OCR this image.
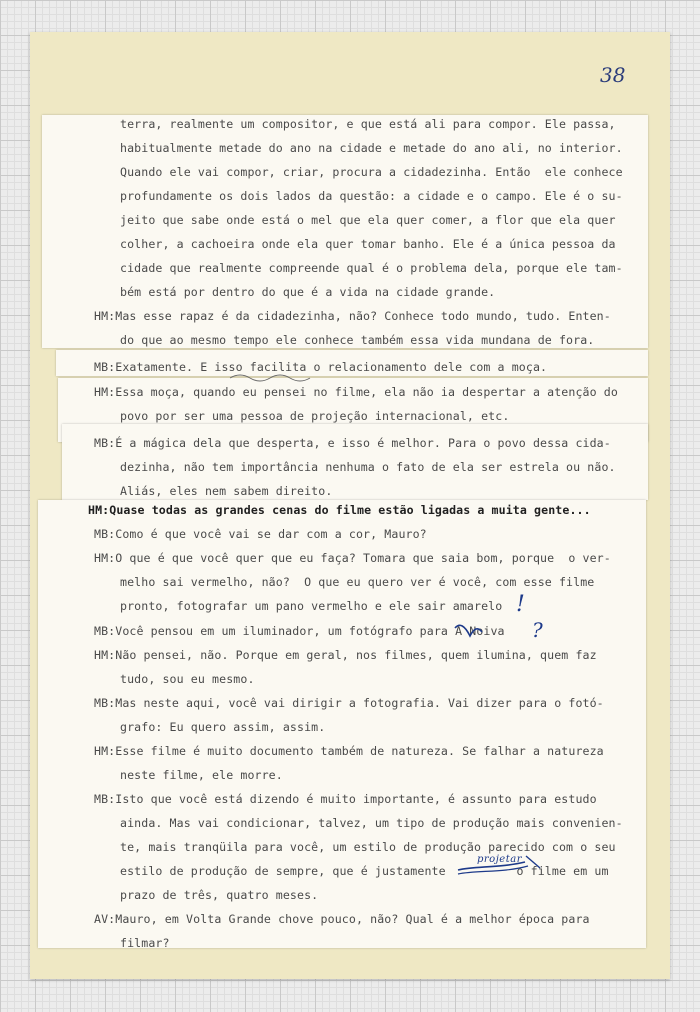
38
terra, realmente um compositor, e que está ali para compor. Ele passa,
habitualmente metade do ano na cidade e metade do ano ali, no interior.
Quando ele vai compor, criar, procura a cidadezinha. Então  ele conhece
profundamente os dois lados da questão: a cidade e o campo. Ele é o su-
jeito que sabe onde está o mel que ela quer comer, a flor que ela quer
colher, a cachoeira onde ela quer tomar banho. Ele é a única pessoa da
cidade que realmente compreende qual é o problema dela, porque ele tam-
bém está por dentro do que é a vida na cidade grande.
HM:Mas esse rapaz é da cidadezinha, não? Conhece todo mundo, tudo. Enten-
do que ao mesmo tempo ele conhece também essa vida mundana de fora.
MB:Exatamente. E isso facilita o relacionamento dele com a moça.
HM:Essa moça, quando eu pensei no filme, ela não ia despertar a atenção do
povo por ser uma pessoa de projeção internacional, etc.
MB:É a mágica dela que desperta, e isso é melhor. Para o povo dessa cida-
dezinha, não tem importância nenhuma o fato de ela ser estrela ou não.
Aliás, eles nem sabem direito.
HM:Quase todas as grandes cenas do filme estão ligadas a muita gente...
MB:Como é que você vai se dar com a cor, Mauro?
HM:O que é que você quer que eu faça? Tomara que saia bom, porque  o ver-
melho sai vermelho, não?  O que eu quero ver é você, com esse filme
pronto, fotografar um pano vermelho e ele sair amarelo
MB:Você pensou em um iluminador, um fotógrafo para A Noiva
HM:Não pensei, não. Porque em geral, nos filmes, quem ilumina, quem faz
tudo, sou eu mesmo.
MB:Mas neste aqui, você vai dirigir a fotografia. Vai dizer para o fotó-
grafo: Eu quero assim, assim.
HM:Esse filme é muito documento também de natureza. Se falhar a natureza
neste filme, ele morre.
MB:Isto que você está dizendo é muito importante, é assunto para estudo
ainda. Mas vai condicionar, talvez, um tipo de produção mais convenien-
te, mais tranqüila para você, um estilo de produção parecido com o seu
estilo de produção de sempre, que é justamente          o filme em um
prazo de três, quatro meses.
AV:Mauro, em Volta Grande chove pouco, não? Qual é a melhor época para
filmar?
!
?
projetar
